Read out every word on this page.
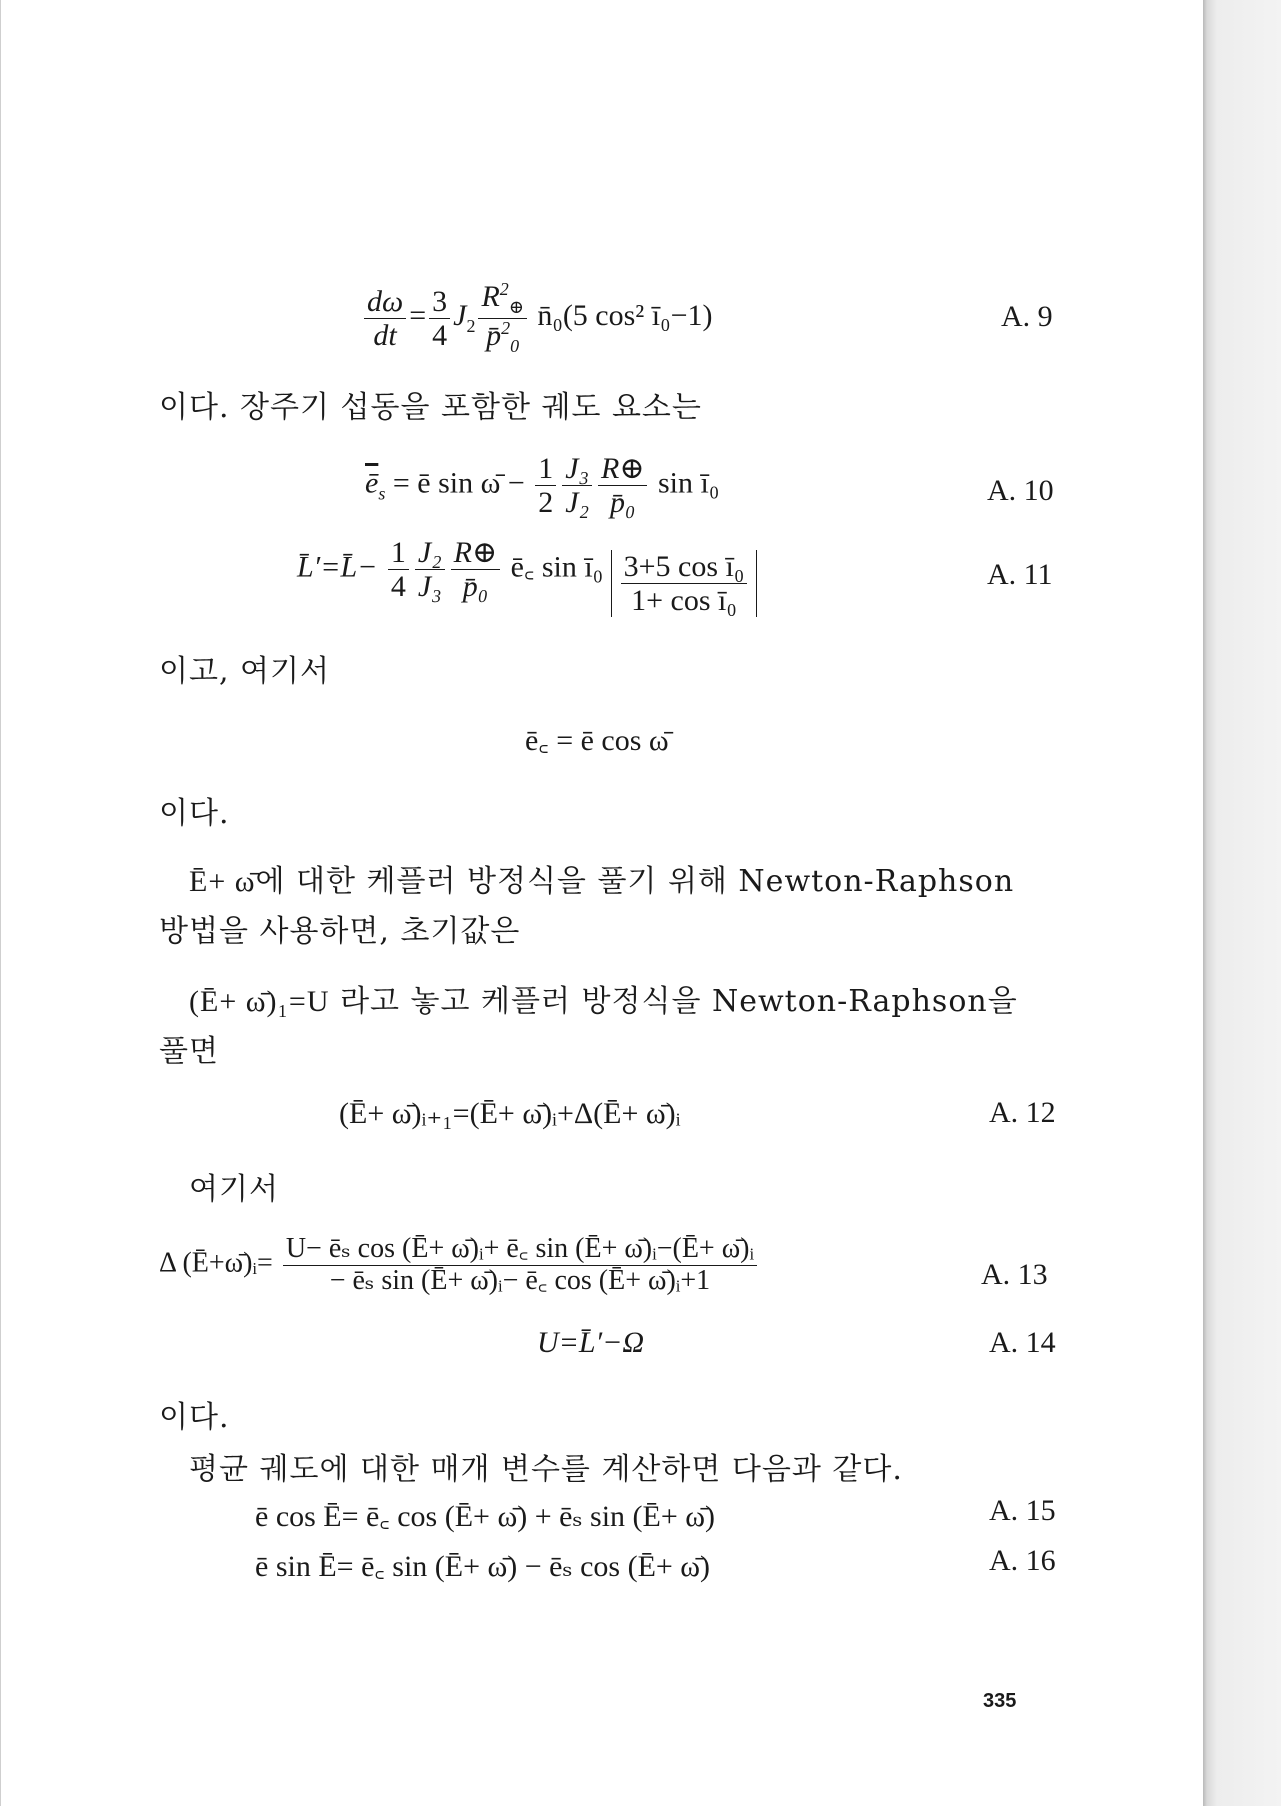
$\frac{d\omega}{dt} = \frac{3}{4} J_2 \frac{R^2_\oplus}{p̄^2_0}$ n̄₀(5 cos² ī₀−1)	A. 9
이다. 장주기 섭동을 포함한 궤도 요소는
$\overline{ē}_s$ = ē sin ω̄ − $\frac{1}{2} \frac{\text{J₃}}{\text{J₂}} \frac{R\oplus}{\text{p̄₀}}$ sin ī₀	A. 10
L̄′=L̄− $\frac{1}{4} \frac{\text{J₂}}{\text{J₃}} \frac{R\oplus}{\text{p̄₀}}$ ē꜀ sin ī₀ $\frac{\text{3+5 cos ī₀}}{\text{1+ cos ī₀}}$	A. 11
이고, 여기서
ē꜀ = ē cos ω̄
이다.
Ē+ ω̄에 대한 케플러 방정식을 풀기 위해 Newton-Raphson
방법을 사용하면, 초기값은
(Ē+ ω̄)₁=U 라고 놓고 케플러 방정식을 Newton-Raphson을
풀면
(Ē+ ω̄)ᵢ₊₁=(Ē+ ω̄)ᵢ+Δ(Ē+ ω̄)ᵢ	A. 12
여기서
Δ (Ē+ω̄)ᵢ= $\frac{\text{U− ēₛ cos (Ē+ ω̄)ᵢ+ ē꜀ sin (Ē+ ω̄)ᵢ−(Ē+ ω̄)ᵢ}}{\text{− ēₛ sin (Ē+ ω̄)ᵢ− ē꜀ cos (Ē+ ω̄)ᵢ+1}}$	A. 13
U=L̄′−Ω	A. 14
이다.
평균 궤도에 대한 매개 변수를 계산하면 다음과 같다.
ē cos Ē= ē꜀ cos (Ē+ ω̄) + ēₛ sin (Ē+ ω̄)	A. 15
ē sin Ē= ē꜀ sin (Ē+ ω̄) − ēₛ cos (Ē+ ω̄)	A. 16
335
